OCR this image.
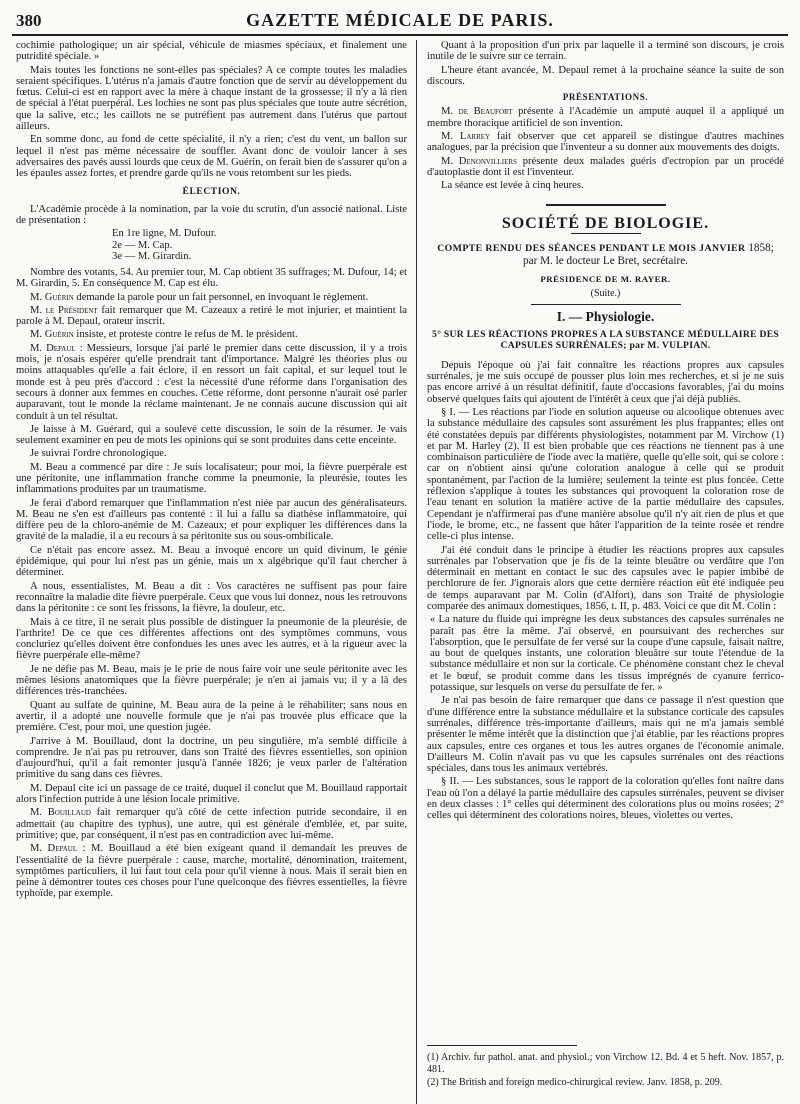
380	GAZETTE MÉDICALE DE PARIS.

cochimie pathologique; un air spécial, véhicule de miasmes spéciaux, et finalement une putridité spéciale. »

Mais toutes les fonctions ne sont-elles pas spéciales? A ce compte toutes les maladies seraient spécifiques. L'utérus n'a jamais d'autre fonction que de servir au développement du fœtus. Celui-ci est en rapport avec la mère à chaque instant de la grossesse; il n'y a là rien de spécial à l'état puerpéral. Les lochies ne sont pas plus spéciales que toute autre sécrétion, que la salive, etc.; les caillots ne se putréfient pas autrement dans l'utérus que partout ailleurs.

En somme donc, au fond de cette spécialité, il n'y a rien; c'est du vent, un ballon sur lequel il n'est pas même nécessaire de souffler. Avant donc de vouloir lancer à ses adversaires des pavés aussi lourds que ceux de M. Guérin, on ferait bien de s'assurer qu'on a les épaules assez fortes, et prendre garde qu'ils ne vous retombent sur les pieds.

ÉLECTION.

L'Académie procède à la nomination, par la voie du scrutin, d'un associé national. Liste de présentation :

En 1re ligne, M. Dufour.
2e — M. Cap.
3e — M. Girardin.

Nombre des votants, 54. Au premier tour, M. Cap obtient 35 suffrages; M. Dufour, 14; et M. Girardin, 5. En conséquence M. Cap est élu.

M. Guérin demande la parole pour un fait personnel, en invoquant le règlement.

M. le Président fait remarquer que M. Cazeaux a retiré le mot injurier, et maintient la parole à M. Depaul, orateur inscrit.

M. Guérin insiste, et proteste contre le refus de M. le président.

M. Depaul : Messieurs, lorsque j'ai parlé le premier dans cette discussion, il y a trois mois, je n'osais espérer qu'elle prendrait tant d'importance. Malgré les théories plus ou moins attaquables qu'elle a fait éclore, il en ressort un fait capital, et sur lequel tout le monde est à peu près d'accord : c'est la nécessité d'une réforme dans l'organisation des secours à donner aux femmes en couches. Cette réforme, dont personne n'aurait osé parler auparavant, tout le monde la réclame maintenant. Je ne connais aucune discussion qui ait conduit à un tel résultat.

Je laisse à M. Guérard, qui a soulevé cette discussion, le soin de la résumer. Je vais seulement examiner en peu de mots les opinions qui se sont produites dans cette enceinte.

Je suivrai l'ordre chronologique.

M. Beau a commencé par dire : Je suis localisateur; pour moi, la fièvre puerpérale est une péritonite, une inflammation franche comme la pneumonie, la pleurésie, toutes les inflammations produites par un traumatisme.

Je ferai d'abord remarquer que l'inflammation n'est niée par aucun des généralisateurs. M. Beau ne s'en est d'ailleurs pas contenté : il lui a fallu sa diathèse inflammatoire, qui diffère peu de la chloro-anémie de M. Cazeaux; et pour expliquer les différences dans la gravité de la maladie, il a eu recours à sa péritonite sus ou sous-ombilicale.

Ce n'était pas encore assez. M. Beau a invoqué encore un quid divinum, le génie épidémique, qui pour lui n'est pas un génie, mais un x algébrique qu'il faut chercher à déterminer.

A nous, essentialistes, M. Beau a dit : Vos caractères ne suffisent pas pour faire reconnaître la maladie dite fièvre puerpérale. Ceux que vous lui donnez, nous les retrouvons dans la péritonite : ce sont les frissons, la fièvre, la douleur, etc.

Mais à ce titre, il ne serait plus possible de distinguer la pneumonie de la pleurésie, de l'arthrite! De ce que ces différentes affections ont des symptômes communs, vous concluriez qu'elles doivent être confondues les unes avec les autres, et à la rigueur avec la fièvre puerpérale elle-même?

Je ne défie pas M. Beau, mais je le prie de nous faire voir une seule péritonite avec les mêmes lésions anatomiques que la fièvre puerpérale; je n'en ai jamais vu; il y a là des différences très-tranchées.

Quant au sulfate de quinine, M. Beau aura de la peine à le réhabiliter; sans nous en avertir, il a adopté une nouvelle formule que je n'ai pas trouvée plus efficace que la première. C'est, pour moi, une question jugée.

J'arrive à M. Bouillaud, dont la doctrine, un peu singulière, m'a semblé difficile à comprendre. Je n'ai pas pu retrouver, dans son Traité des fièvres essentielles, son opinion d'aujourd'hui, qu'il a fait remonter jusqu'à l'année 1826; je veux parler de l'altération primitive du sang dans ces fièvres.

M. Depaul cite ici un passage de ce traité, duquel il conclut que M. Bouillaud rapportait alors l'infection putride à une lésion locale primitive.

M. Bouillaud fait remarquer qu'à côté de cette infection putride secondaire, il en admettait (au chapitre des typhus), une autre, qui est générale d'emblée, et, par suite, primitive; que, par conséquent, il n'est pas en contradiction avec lui-même.

M. Depaul : M. Bouillaud a été bien exigeant quand il demandait les preuves de l'essentialité de la fièvre puerpérale : cause, marche, mortalité, dénomination, traitement, symptômes particuliers, il lui faut tout cela pour qu'il vienne à nous. Mais il serait bien en peine à démontrer toutes ces choses pour l'une quelconque des fièvres essentielles, la fièvre typhoïde, par exemple.

Quant à la proposition d'un prix par laquelle il a terminé son discours, je crois inutile de le suivre sur ce terrain.

L'heure étant avancée, M. Depaul remet à la prochaine séance la suite de son discours.

PRÉSENTATIONS.

M. de Beaufort présente à l'Académie un amputé auquel il a appliqué un membre thoracique artificiel de son invention.

M. Larrey fait observer que cet appareil se distingue d'autres machines analogues, par la précision que l'inventeur a su donner aux mouvements des doigts.

M. Denonvilliers présente deux malades guéris d'ectropion par un procédé d'autoplastie dont il est l'inventeur.

La séance est levée à cinq heures.

SOCIÉTÉ DE BIOLOGIE.
COMPTE RENDU DES SÉANCES PENDANT LE MOIS JANVIER 1858;
par M. le docteur Le Bret, secrétaire.
PRÉSIDENCE DE M. RAYER.
(Suite.)
I. — Physiologie.
5° SUR LES RÉACTIONS PROPRES A LA SUBSTANCE MÉDULLAIRE DES CAPSULES SURRÉNALES; par M. VULPIAN.

Depuis l'époque où j'ai fait connaître les réactions propres aux capsules surrénales, je me suis occupé de pousser plus loin mes recherches, et si je ne suis pas encore arrivé à un résultat définitif, faute d'occasions favorables, j'ai du moins observé quelques faits qui ajoutent de l'intérêt à ceux que j'ai déjà publiés.

§ I. — Les réactions par l'iode en solution aqueuse ou alcoolique obtenues avec la substance médullaire des capsules sont assurément les plus frappantes; elles ont été constatées depuis par différents physiologistes, notamment par M. Virchow (1) et par M. Harley (2). Il est bien probable que ces réactions ne tiennent pas à une combinaison particulière de l'iode avec la matière, quelle qu'elle soit, qui se colore : car on n'obtient ainsi qu'une coloration analogue à celle qui se produit spontanément, par l'action de la lumière; seulement la teinte est plus foncée. Cette réflexion s'applique à toutes les substances qui provoquent la coloration rose de l'eau tenant en solution la matière active de la partie médullaire des capsules. Cependant je n'affirmerai pas d'une manière absolue qu'il n'y ait rien de plus et que l'iode, le brome, etc., ne fassent que hâter l'apparition de la teinte rosée et rendre celle-ci plus intense.

J'ai été conduit dans le principe à étudier les réactions propres aux capsules surrénales par l'observation que je fis de la teinte bleuâtre ou verdâtre que l'on déterminait en mettant en contact le suc des capsules avec le papier imbibé de perchlorure de fer. J'ignorais alors que cette dernière réaction eût été indiquée peu de temps auparavant par M. Colin (d'Alfort), dans son Traité de physiologie comparée des animaux domestiques, 1856, t. II, p. 483. Voici ce que dit M. Colin :

« La nature du fluide qui imprègne les deux substances des capsules surrénales ne paraît pas être la même. J'ai observé, en poursuivant des recherches sur l'absorption, que le persulfate de fer versé sur la coupe d'une capsule, faisait naître, au bout de quelques instants, une coloration bleuâtre sur toute l'étendue de la substance médullaire et non sur la corticale. Ce phénomène constant chez le cheval et le bœuf, se produit comme dans les tissus imprégnés de cyanure ferrico-potassique, sur lesquels on verse du persulfate de fer. »

Je n'ai pas besoin de faire remarquer que dans ce passage il n'est question que d'une différence entre la substance médullaire et la substance corticale des capsules surrénales, différence très-importante d'ailleurs, mais qui ne m'a jamais semblé présenter le même intérêt que la distinction que j'ai établie, par les réactions propres aux capsules, entre ces organes et tous les autres organes de l'économie animale. D'ailleurs M. Colin n'avait pas vu que les capsules surrénales ont des réactions spéciales, dans tous les animaux vertébrés.

§ II. — Les substances, sous le rapport de la coloration qu'elles font naître dans l'eau où l'on a délayé la partie médullaire des capsules surrénales, peuvent se diviser en deux classes : 1° celles qui déterminent des colorations plus ou moins rosées; 2° celles qui déterminent des colorations noires, bleues, violettes ou vertes.

(1) Archiv. fur pathol. anat. and physiol.; von Virchow 12. Bd. 4 et 5 heft. Nov. 1857, p. 481.

(2) The British and foreign medico-chirurgical review. Janv. 1858, p. 209.
